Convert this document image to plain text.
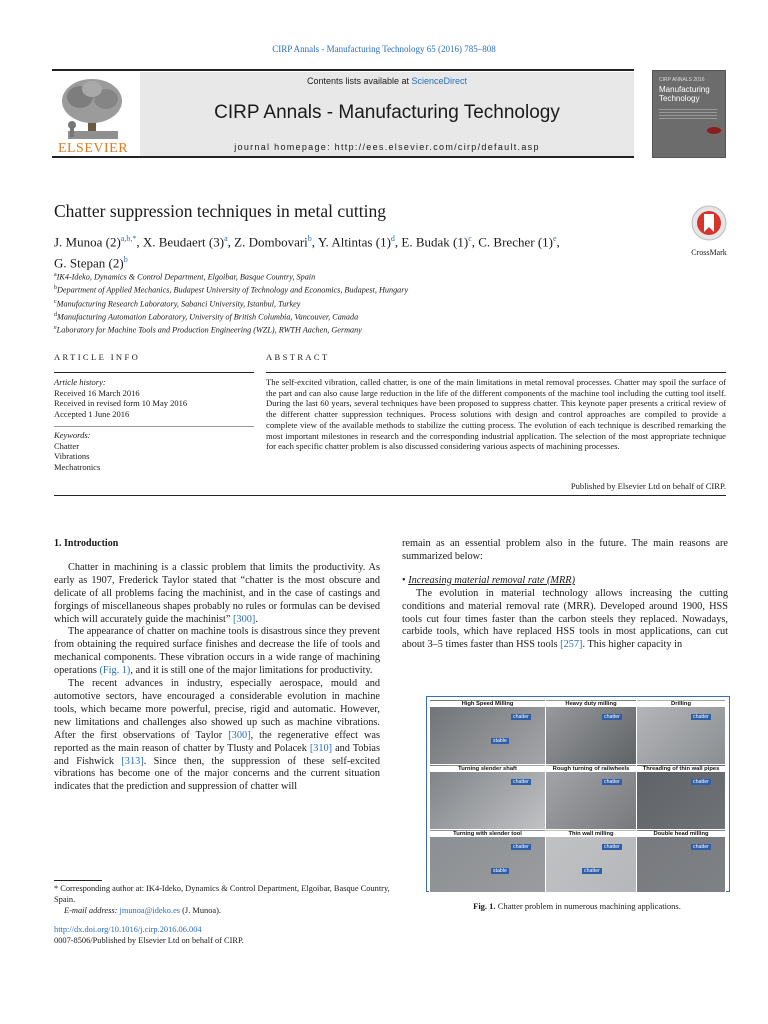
CIRP Annals - Manufacturing Technology 65 (2016) 785–808
ELSEVIER
Contents lists available at ScienceDirect
CIRP Annals - Manufacturing Technology
journal homepage: http://ees.elsevier.com/cirp/default.asp
CIRP ANNALS 2016
Manufacturing
Technology
Chatter suppression techniques in metal cutting
CrossMark
J. Munoa $(2)^{a,b,*}$, X. Beudaert $(3)^a$, Z. Dombovari$^b$, Y. Altintas $(1)^d$, E. Budak $(1)^c$, C. Brecher $(1)^e$,
G. Stepan $(2)^b$
$^a$IK4-Ideko, Dynamics & Control Department, Elgoibar, Basque Country, Spain
$^b$Department of Applied Mechanics, Budapest University of Technology and Economics, Budapest, Hungary
$^c$Manufacturing Research Laboratory, Sabanci University, Istanbul, Turkey
$^d$Manufacturing Automation Laboratory, University of British Columbia, Vancouver, Canada
$^e$Laboratory for Machine Tools and Production Engineering (WZL), RWTH Aachen, Germany
ARTICLE INFO	ABSTRACT
Article history:
Received 16 March 2016
Received in revised form 10 May 2016
Accepted 1 June 2016
Keywords:
Chatter
Vibrations
Mechatronics
The self-excited vibration, called chatter, is one of the main limitations in metal removal processes. Chatter may spoil the surface of the part and can also cause large reduction in the life of the different components of the machine tool including the cutting tool itself. During the last 60 years, several techniques have been proposed to suppress chatter. This keynote paper presents a critical review of the different chatter suppression techniques. Process solutions with design and control approaches are compiled to provide a complete view of the available methods to stabilize the cutting process. The evolution of each technique is described remarking the most important milestones in research and the corresponding industrial application. The selection of the most appropriate technique for each specific chatter problem is also discussed considering various aspects of machining processes.
Published by Elsevier Ltd on behalf of CIRP.
1. Introduction

Chatter in machining is a classic problem that limits the productivity. As early as 1907, Frederick Taylor stated that “chatter is the most obscure and delicate of all problems facing the machinist, and in the case of castings and forgings of miscellaneous shapes probably no rules or formulas can be devised which will accurately guide the machinist” [300].

The appearance of chatter on machine tools is disastrous since they prevent from obtaining the required surface finishes and decrease the life of tools and mechanical components. These vibration occurs in a wide range of machining operations (Fig. 1), and it is still one of the major limitations for productivity.

The recent advances in industry, especially aerospace, mould and automotive sectors, have encouraged a considerable evolution in machine tools, which became more powerful, precise, rigid and automatic. However, new limitations and challenges also showed up such as machine vibrations. After the first observations of Taylor [300], the regenerative effect was reported as the main reason of chatter by Tlusty and Polacek [310] and Tobias and Fishwick [313]. Since then, the suppression of these self-excited vibrations has become one of the major concerns and the current situation indicates that the prediction and suppression of chatter will

remain as an essential problem also in the future. The main reasons are summarized below:
• Increasing material removal rate (MRR)

The evolution in material technology allows increasing the cutting conditions and material removal rate (MRR). Developed around 1900, HSS tools cut four times faster than the carbon steels they replaced. Nowadays, carbide tools, which have replaced HSS tools in most applications, can cut about 3–5 times faster than HSS tools [257]. This higher capacity in

High Speed Milling
chatter
stable
Heavy duty milling
chatter
Drilling
chatter
Turning slender shaft
chatter
Rough turning of railwheels
chatter
Threading of thin wall pipes
chatter
Turning with slender tool
chatter
stable
Thin wall milling
chatter
chatter
Double head milling
chatter
Fig. 1. Chatter problem in numerous machining applications.
* Corresponding author at: IK4-Ideko, Dynamics & Control Department, Elgoibar, Basque Country, Spain.
E-mail address: jmunoa@ideko.es (J. Munoa).
http://dx.doi.org/10.1016/j.cirp.2016.06.004
0007-8506/Published by Elsevier Ltd on behalf of CIRP.
